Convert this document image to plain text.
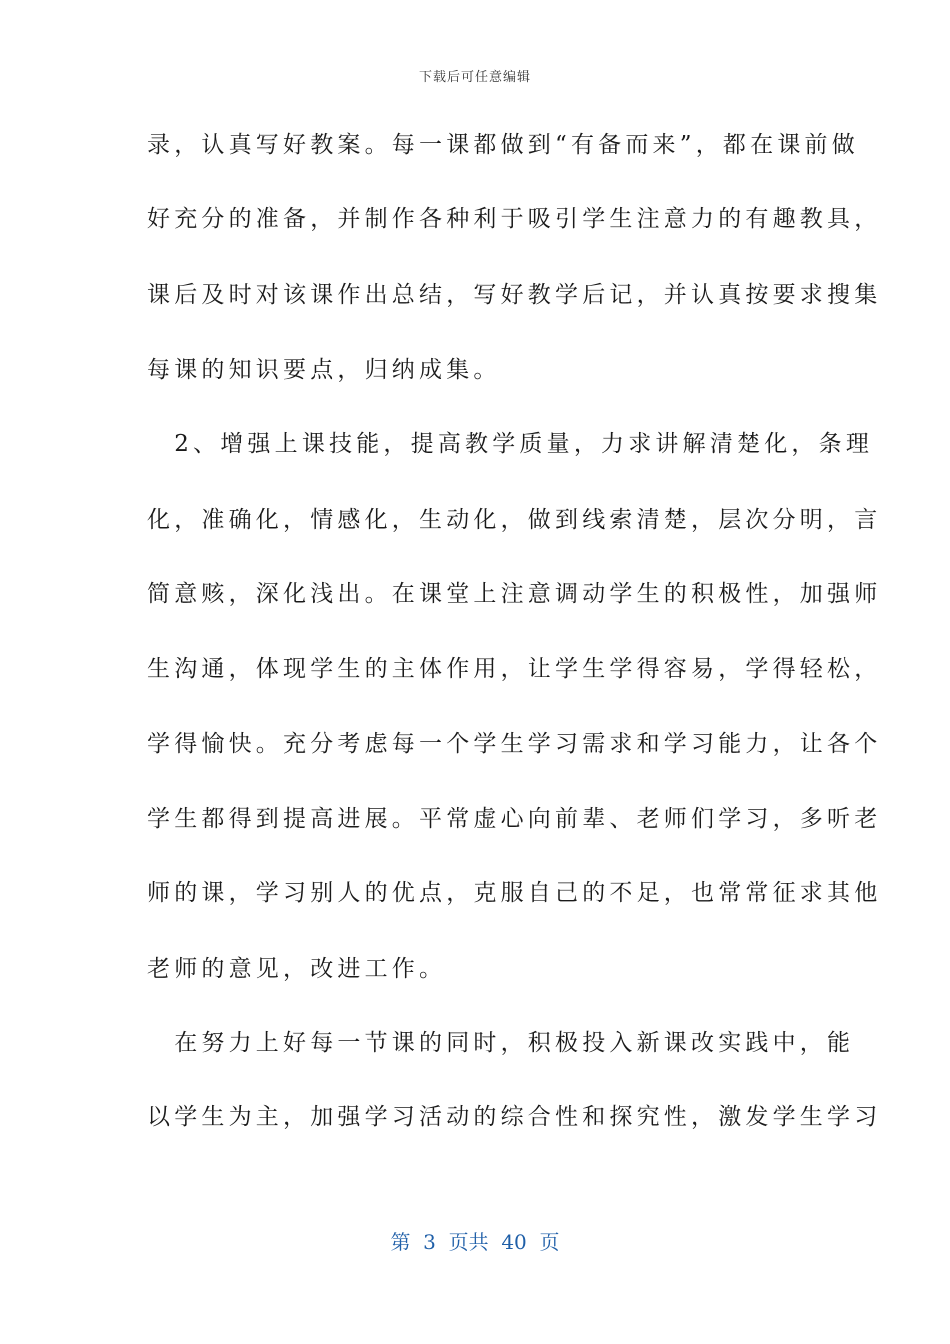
下载后可任意编辑
录，认真写好教案。每一课都做到“有备而来”，都在课前做
好充分的准备，并制作各种利于吸引学生注意力的有趣教具，
课后及时对该课作出总结，写好教学后记，并认真按要求搜集
每课的知识要点，归纳成集。
　2、增强上课技能，提高教学质量，力求讲解清楚化，条理
化，准确化，情感化，生动化，做到线索清楚，层次分明，言
简意赅，深化浅出。在课堂上注意调动学生的积极性，加强师
生沟通，体现学生的主体作用，让学生学得容易，学得轻松，
学得愉快。充分考虑每一个学生学习需求和学习能力，让各个
学生都得到提高进展。平常虚心向前辈、老师们学习，多听老
师的课，学习别人的优点，克服自己的不足，也常常征求其他
老师的意见，改进工作。
　在努力上好每一节课的同时，积极投入新课改实践中，能
以学生为主，加强学习活动的综合性和探究性，激发学生学习
第  3  页共  40  页
